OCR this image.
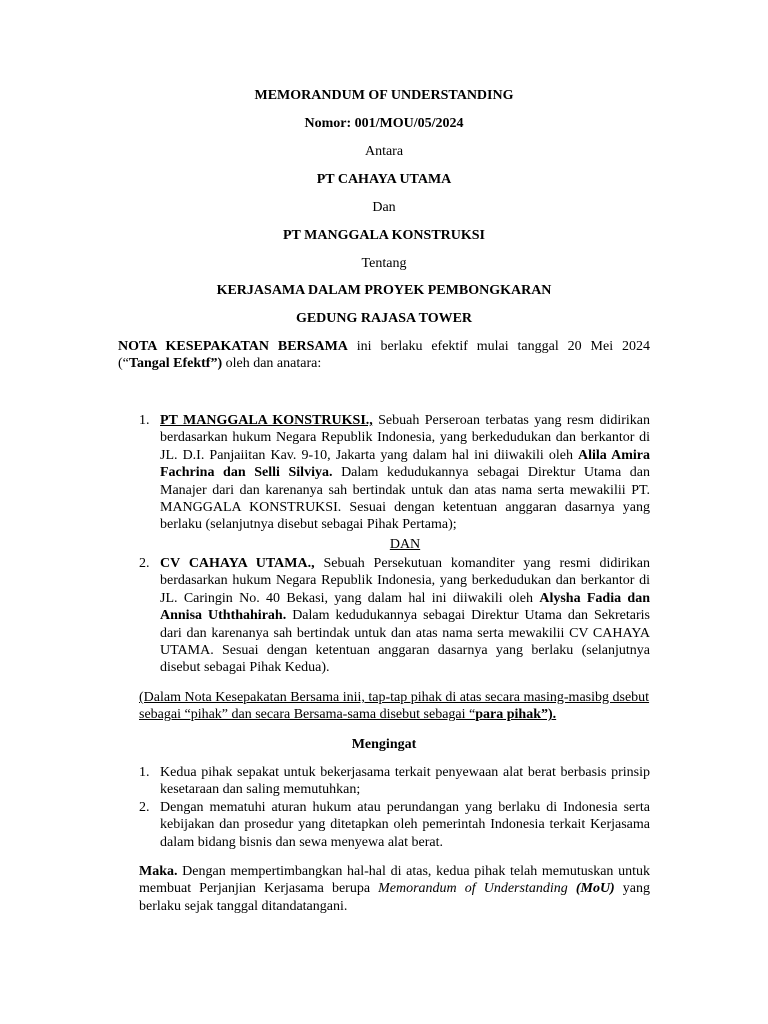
MEMORANDUM OF UNDERSTANDING

Nomor: 001/MOU/05/2024

Antara

PT CAHAYA UTAMA

Dan

PT MANGGALA KONSTRUKSI

Tentang

KERJASAMA DALAM PROYEK PEMBONGKARAN

GEDUNG RAJASA TOWER

NOTA KESEPAKATAN BERSAMA ini berlaku efektif mulai tanggal 20 Mei 2024 (“Tangal Efektf”) oleh dan anatara:

1. PT MANGGALA KONSTRUKSI., Sebuah Perseroan terbatas yang resm didirikan berdasarkan hukum Negara Republik Indonesia, yang berkedudukan dan berkantor di JL. D.I. Panjaiitan Kav. 9-10, Jakarta yang dalam hal ini diiwakili oleh Alila Amira Fachrina dan Selli Silviya. Dalam kedudukannya sebagai Direktur Utama dan Manajer dari dan karenanya sah bertindak untuk dan atas nama serta mewakilii PT. MANGGALA KONSTRUKSI. Sesuai dengan ketentuan anggaran dasarnya yang berlaku (selanjutnya disebut sebagai Pihak Pertama);

DAN

2. CV CAHAYA UTAMA., Sebuah Persekutuan komanditer yang resmi didirikan berdasarkan hukum Negara Republik Indonesia, yang berkedudukan dan berkantor di JL. Caringin No. 40 Bekasi, yang dalam hal ini diiwakili oleh Alysha Fadia dan Annisa Uththahirah. Dalam kedudukannya sebagai Direktur Utama dan Sekretaris dari dan karenanya sah bertindak untuk dan atas nama serta mewakilii CV CAHAYA UTAMA. Sesuai dengan ketentuan anggaran dasarnya yang berlaku (selanjutnya disebut sebagai Pihak Kedua).

(Dalam Nota Kesepakatan Bersama inii, tap-tap pihak di atas secara masing-masibg dsebut sebagai “pihak” dan secara Bersama-sama disebut sebagai “para pihak”).

Mengingat

1. Kedua pihak sepakat untuk bekerjasama terkait penyewaan alat berat berbasis prinsip kesetaraan dan saling memutuhkan;

2. Dengan mematuhi aturan hukum atau perundangan yang berlaku di Indonesia serta kebijakan dan prosedur yang ditetapkan oleh pemerintah Indonesia terkait Kerjasama dalam bidang bisnis dan sewa menyewa alat berat.

Maka. Dengan mempertimbangkan hal-hal di atas, kedua pihak telah memutuskan untuk membuat Perjanjian Kerjasama berupa Memorandum of Understanding (MoU) yang berlaku sejak tanggal ditandatangani.
